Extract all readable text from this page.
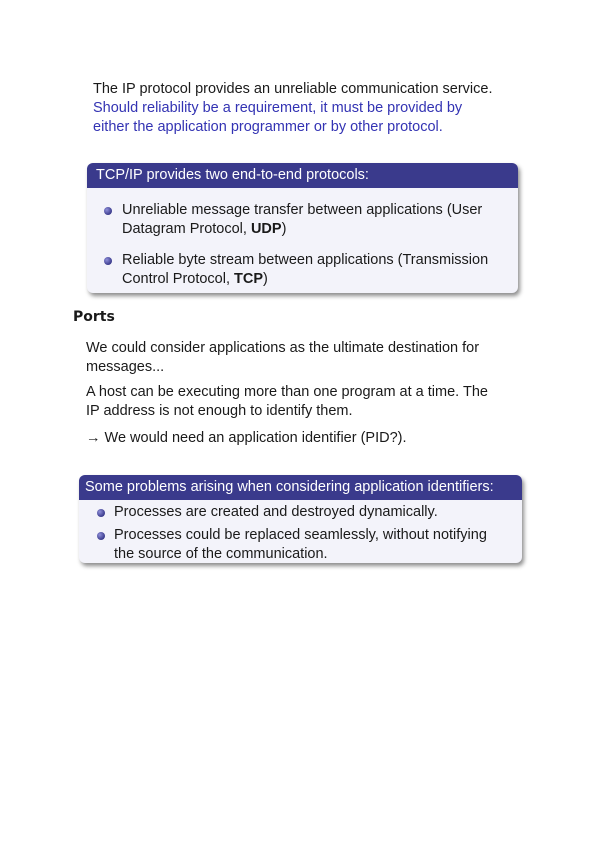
The IP protocol provides an unreliable communication service.
Should reliability be a requirement, it must be provided by
either the application programmer or by other protocol.
TCP/IP provides two end-to-end protocols:
Unreliable message transfer between applications (User
Datagram Protocol, UDP)
Reliable byte stream between applications (Transmission
Control Protocol, TCP)
Ports
We could consider applications as the ultimate destination for
messages...
A host can be executing more than one program at a time. The
IP address is not enough to identify them.
→ We would need an application identifier (PID?).
Some problems arising when considering application identifiers:
Processes are created and destroyed dynamically.
Processes could be replaced seamlessly, without notifying
the source of the communication.
